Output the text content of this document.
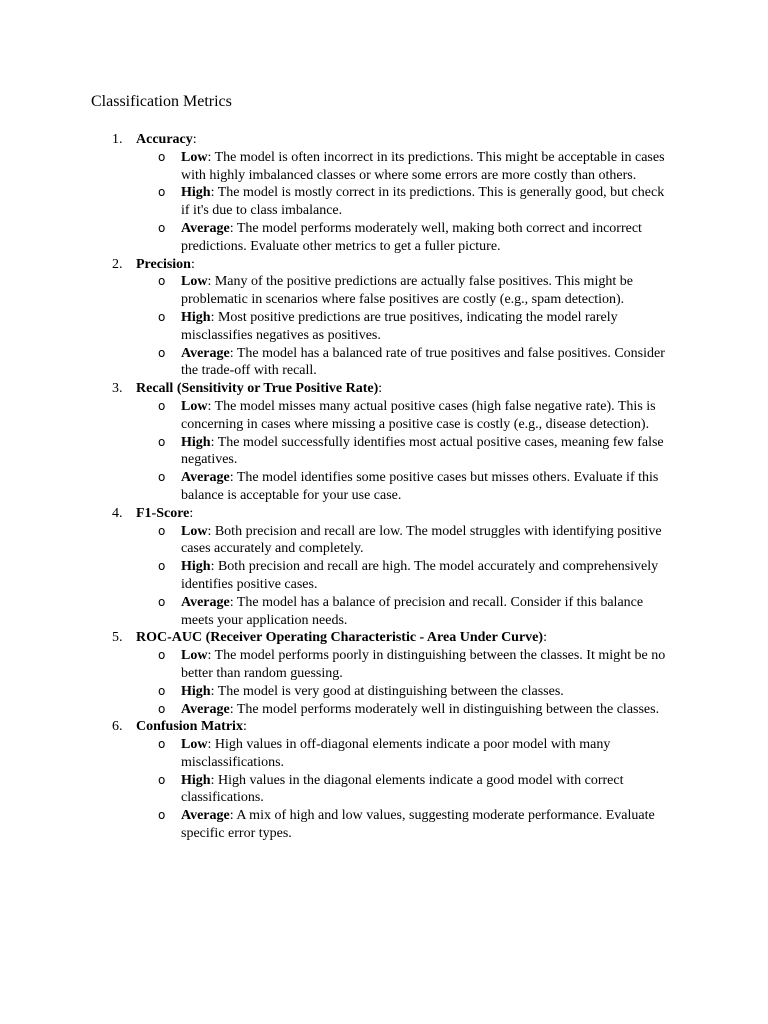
Classification Metrics
1. Accuracy:
o Low: The model is often incorrect in its predictions. This might be acceptable in cases with highly imbalanced classes or where some errors are more costly than others.
o High: The model is mostly correct in its predictions. This is generally good, but check if it's due to class imbalance.
o Average: The model performs moderately well, making both correct and incorrect predictions. Evaluate other metrics to get a fuller picture.
2. Precision:
o Low: Many of the positive predictions are actually false positives. This might be problematic in scenarios where false positives are costly (e.g., spam detection).
o High: Most positive predictions are true positives, indicating the model rarely misclassifies negatives as positives.
o Average: The model has a balanced rate of true positives and false positives. Consider the trade-off with recall.
3. Recall (Sensitivity or True Positive Rate):
o Low: The model misses many actual positive cases (high false negative rate). This is concerning in cases where missing a positive case is costly (e.g., disease detection).
o High: The model successfully identifies most actual positive cases, meaning few false negatives.
o Average: The model identifies some positive cases but misses others. Evaluate if this balance is acceptable for your use case.
4. F1-Score:
o Low: Both precision and recall are low. The model struggles with identifying positive cases accurately and completely.
o High: Both precision and recall are high. The model accurately and comprehensively identifies positive cases.
o Average: The model has a balance of precision and recall. Consider if this balance meets your application needs.
5. ROC-AUC (Receiver Operating Characteristic - Area Under Curve):
o Low: The model performs poorly in distinguishing between the classes. It might be no better than random guessing.
o High: The model is very good at distinguishing between the classes.
o Average: The model performs moderately well in distinguishing between the classes.
6. Confusion Matrix:
o Low: High values in off-diagonal elements indicate a poor model with many misclassifications.
o High: High values in the diagonal elements indicate a good model with correct classifications.
o Average: A mix of high and low values, suggesting moderate performance. Evaluate specific error types.
